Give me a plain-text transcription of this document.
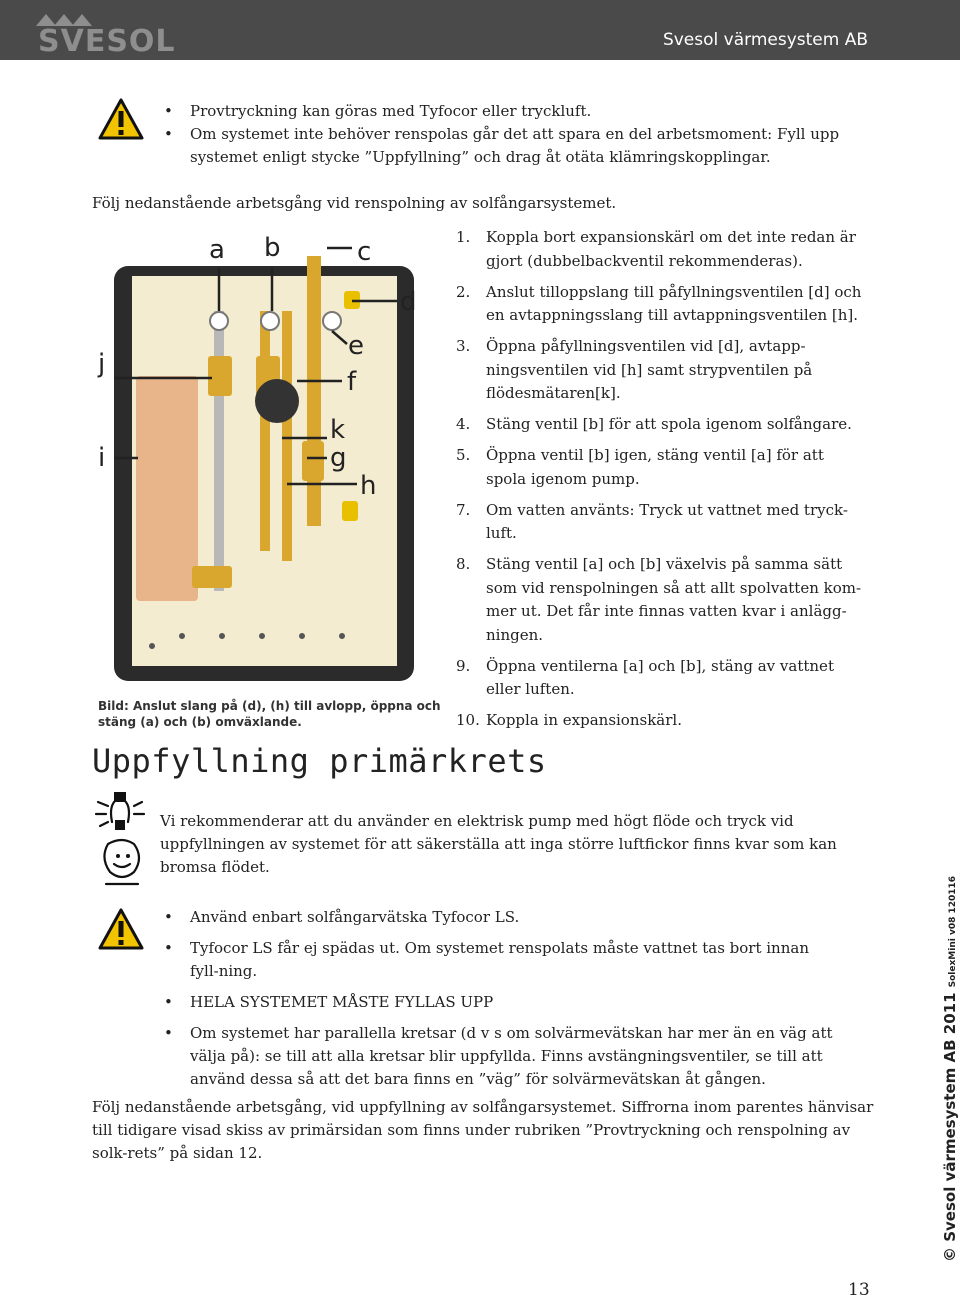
SVESOL	Svesol värmesystem AB
• Provtryckning kan göras med Tyfocor eller tryckluft.
• Om systemet inte behöver renspolas går det att spara en del arbetsmoment: Fyll upp systemet enligt stycke ”Uppfyllning” och drag åt otäta klämringskopplingar.
Följ nedanstående arbetsgång vid renspolning av solfångarsystemet.
a b	c
d
e
f
j
k
i	g
h
Bild: Anslut slang på (d), (h) till avlopp, öppna och stäng (a) och (b) omväxlande.
1. Koppla bort expansionskärl om det inte redan är gjort (dubbelbackventil rekommenderas).
2. Anslut tilloppslang till påfyllningsventilen [d] och en avtappningsslang till avtappningsventilen [h].
3. Öppna påfyllningsventilen vid [d], avtapp-ningsventilen vid [h] samt strypventilen på flödesmätaren[k].
4. Stäng ventil [b] för att spola igenom solfångare.
5. Öppna ventil [b] igen, stäng ventil [a] för att spola igenom pump.
7. Om vatten använts: Tryck ut vattnet med tryck-luft.
8. Stäng ventil [a] och [b] växelvis på samma sätt som vid renspolningen så att allt spolvatten kom-mer ut. Det får inte finnas vatten kvar i anlägg-ningen.
9. Öppna ventilerna [a] och [b], stäng av vattnet eller luften.
10. Koppla in expansionskärl.
Uppfyllning primärkrets
Vi rekommenderar att du använder en elektrisk pump med högt flöde och tryck vid uppfyllningen av systemet för att säkerställa att inga större luftfickor finns kvar som kan bromsa flödet.
• Använd enbart solfångarvätska Tyfocor LS.
• Tyfocor LS får ej spädas ut. Om systemet renspolats måste vattnet tas bort innan fyll-ning.
• HELA SYSTEMET MÅSTE FYLLAS UPP
• Om systemet har parallella kretsar (d v s om solvärmevätskan har mer än en väg att välja på): se till att alla kretsar blir uppfyllda. Finns avstängningsventiler, se till att använd dessa så att det bara finns en ”väg” för solvärmevätskan åt gången.
Följ nedanstående arbetsgång, vid uppfyllning av solfångarsystemet. Siffrorna inom parentes hänvisar till tidigare visad skiss av primärsidan som finns under rubriken ”Provtryckning och renspolning av solk-rets” på sidan 12.	© Svesol värmesystem AB 2011 SolexMini v08 120116
13
